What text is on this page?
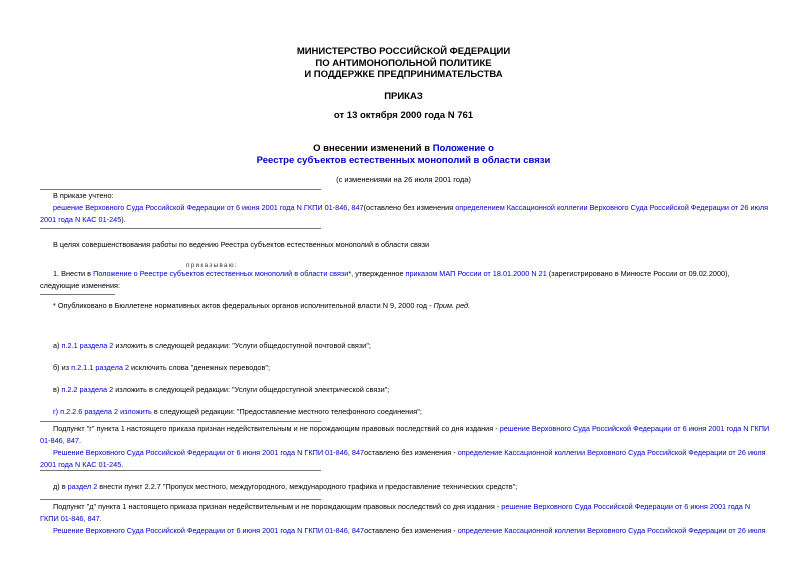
МИНИСТЕРСТВО РОССИЙСКОЙ ФЕДЕРАЦИИ
ПО АНТИМОНОПОЛЬНОЙ ПОЛИТИКЕ
И ПОДДЕРЖКЕ ПРЕДПРИНИМАТЕЛЬСТВА
ПРИКАЗ
от 13 октября 2000 года N 761
О внесении изменений в Положение о
Реестре субъектов естественных монополий в области связи
(с изменениями на 26 июля 2001 года)
В приказе учтено:
решение Верховного Суда Российской Федерации от 6 июня 2001 года N ГКПИ 01-846, 847(оставлено без изменения определением Кассационной коллегии Верховного Суда Российской Федерации от 26 июля 2001 года N КАС 01-245).
В целях совершенствования работы по ведению Реестра субъектов естественных монополий в области связи
приказываю:
1. Внести в Положение о Реестре субъектов естественных монополий в области связи*, утвержденное приказом МАП России от 18.01.2000 N 21 (зарегистрировано в Минюсте России от 09.02.2000), следующие изменения:
* Опубликовано в Бюллетене нормативных актов федеральных органов исполнительной власти N 9, 2000 год - Прим. ред.
а) п.2.1 раздела 2 изложить в следующей редакции: "Услуги общедоступной почтовой связи";
б) из п.2.1.1 раздела 2 исключить слова "денежных переводов";
в) п.2.2 раздела 2 изложить в следующей редакции: "Услуги общедоступной электрической связи";
г) п.2.2.6 раздела 2 изложить в следующей редакции: "Предоставление местного телефонного соединения";
Подпункт "г" пункта 1 настоящего приказа признан недействительным и не порождающим правовых последствий со дня издания - решение Верховного Суда Российской Федерации от 6 июня 2001 года N ГКПИ 01-846, 847.
Решение Верховного Суда Российской Федерации от 6 июня 2001 года N ГКПИ 01-846, 847оставлено без изменения - определение Кассационной коллегии Верховного Суда Российской Федерации от 26 июля 2001 года N КАС 01-245.
д) в раздел 2 внести пункт 2.2.7 "Пропуск местного, междугородного, международного трафика и предоставление технических средств";
Подпункт "д" пункта 1 настоящего приказа признан недействительным и не порождающим правовых последствий со дня издания - решение Верховного Суда Российской Федерации от 6 июня 2001 года N ГКПИ 01-846, 847.
Решение Верховного Суда Российской Федерации от 6 июня 2001 года N ГКПИ 01-846, 847оставлено без изменения - определение Кассационной коллегии Верховного Суда Российской Федерации от 26 июля
